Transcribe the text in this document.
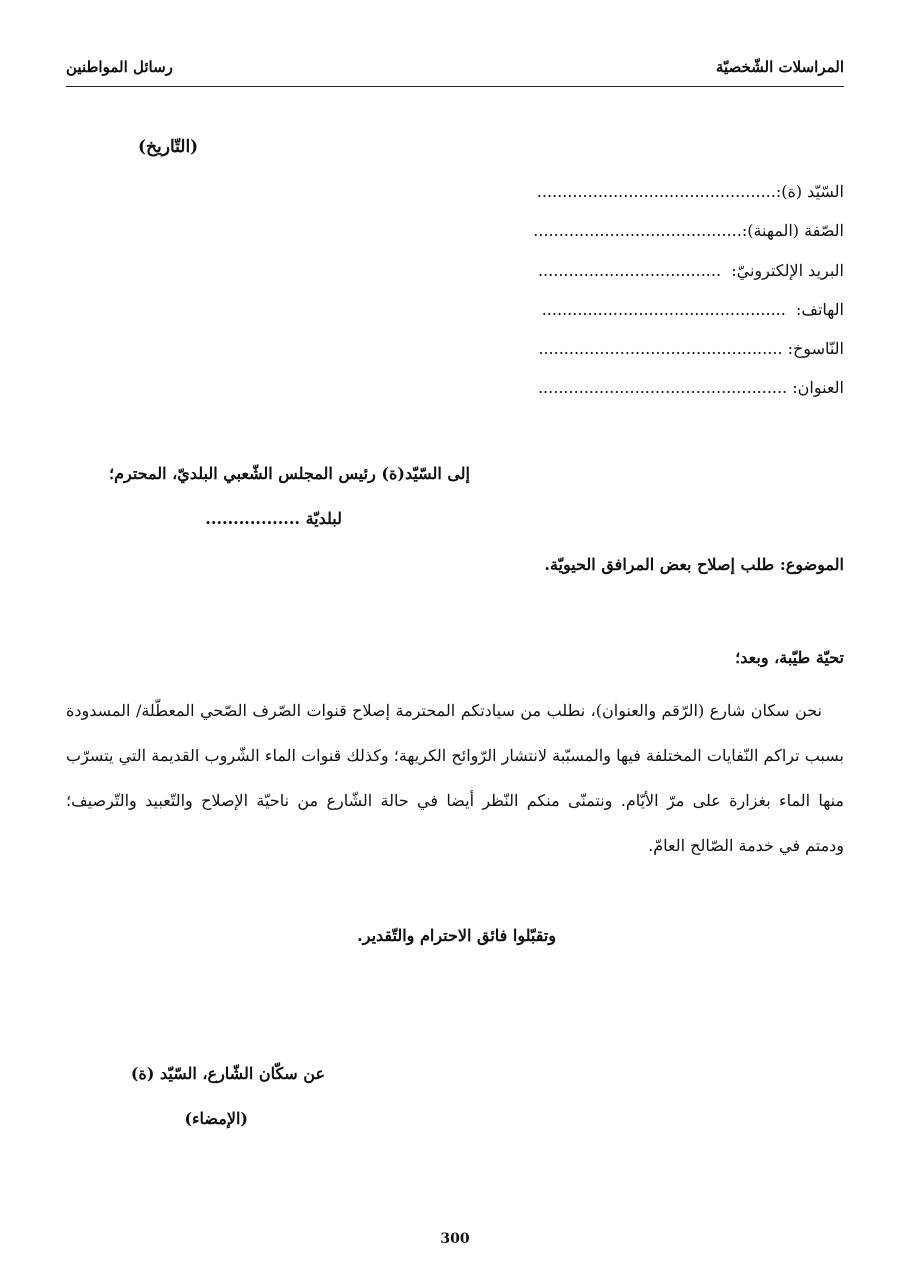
المراسلات الشّخصيّة
رسائل المواطنين
(التّاريخ)
السّيّد (ة):...............................................
الصّفة (المهنة):.........................................
البريد الإلكترونيّ:  ....................................
الهاتف:  ................................................
النّاسوخ: ................................................
العنوان: .................................................
إلى السّيّد(ة) رئيس المجلس الشّعبي البلديّ، المحترم؛
لبلديّة .................
الموضوع: طلب إصلاح بعض المرافق الحيويّة.
تحيّة طيّبة، وبعد؛
نحن سكان شارع (الرّقم والعنوان)، نطلب من سيادتكم المحترمة إصلاح قنوات الصّرف الصّحي المعطّلة/ المسدودة
بسبب تراكم النّفايات المختلفة فيها والمسبّبة لانتشار الرّوائح الكريهة؛ وكذلك قنوات الماء الشّروب القديمة التي يتسرّب
منها الماء بغزارة على مرّ الأيّام. ونتمنّى منكم النّظر أيضا في حالة الشّارع من ناحيّة الإصلاح والتّعبيد والتّرصيف؛
ودمتم في خدمة الصّالح العامّ.
وتقبّلوا فائق الاحترام والتّقدير.
عن سكّان الشّارع، السّيّد (ة)
(الإمضاء)
300
